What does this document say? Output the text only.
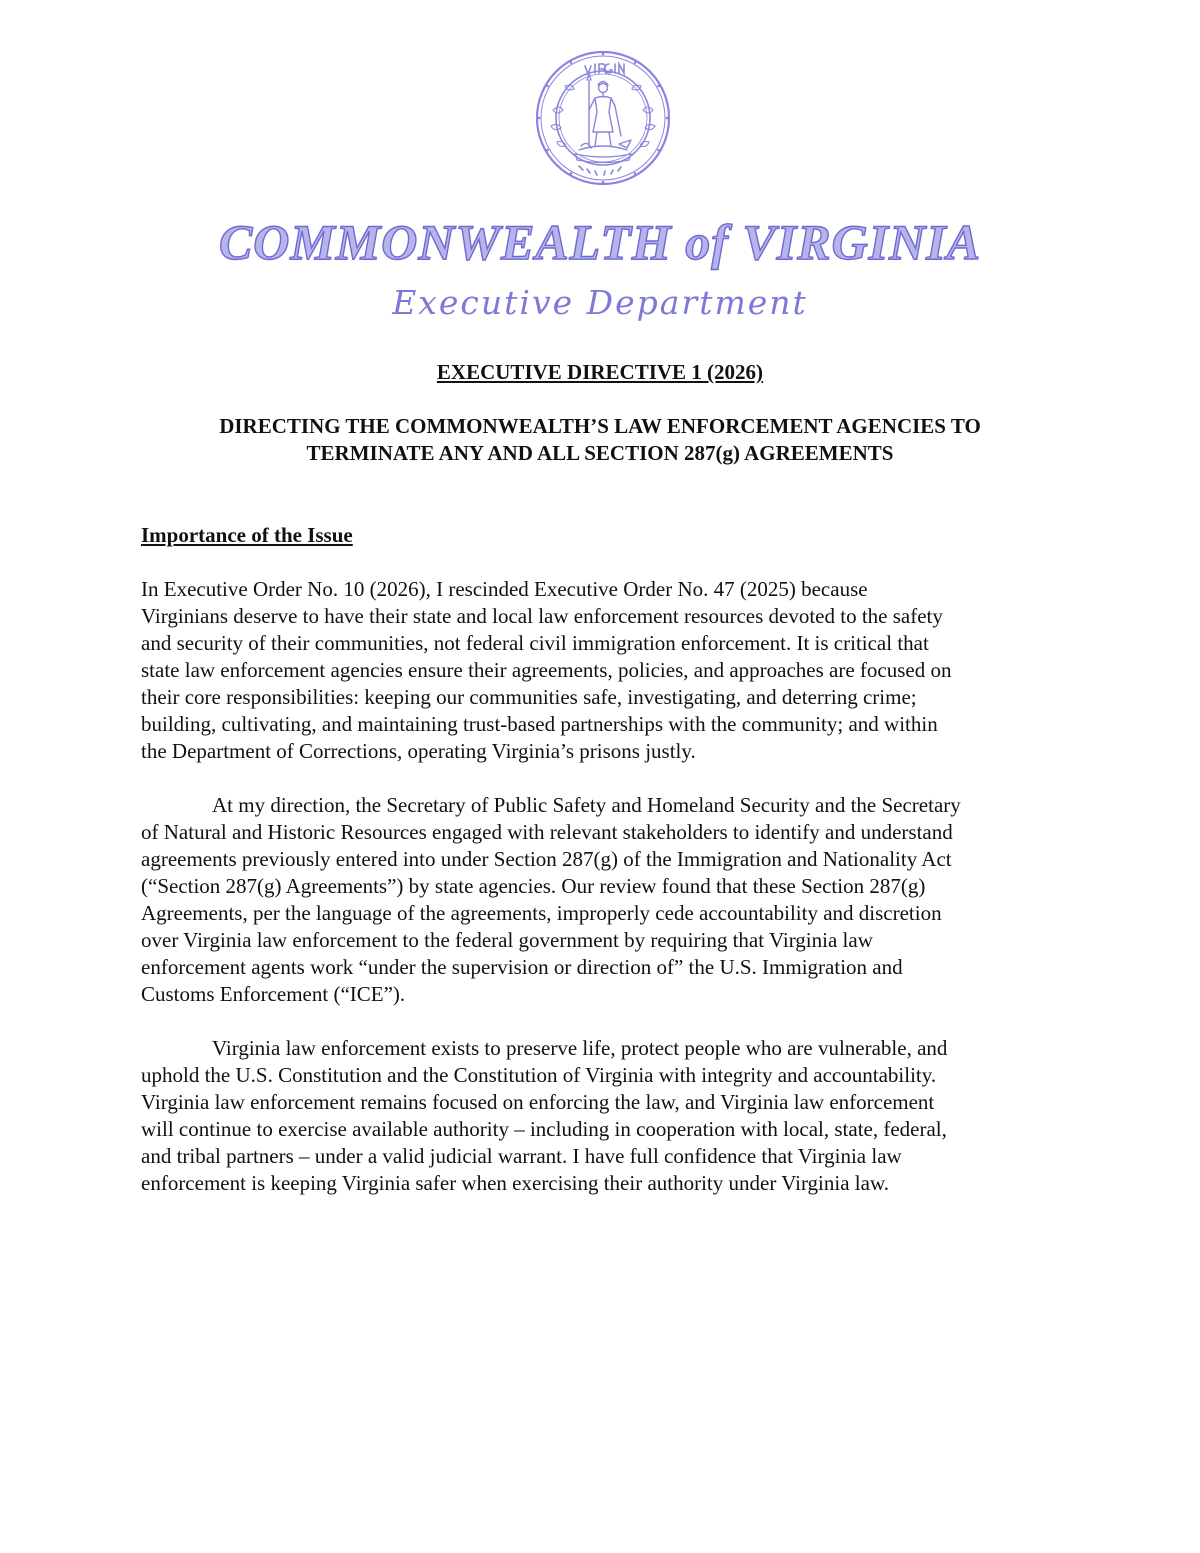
COMMONWEALTH of VIRGINIA
Executive Department
EXECUTIVE DIRECTIVE 1 (2026)
DIRECTING THE COMMONWEALTH’S LAW ENFORCEMENT AGENCIES TO
TERMINATE ANY AND ALL SECTION 287(g) AGREEMENTS
Importance of the Issue
In Executive Order No. 10 (2026), I rescinded Executive Order No. 47 (2025) because
Virginians deserve to have their state and local law enforcement resources devoted to the safety
and security of their communities, not federal civil immigration enforcement. It is critical that
state law enforcement agencies ensure their agreements, policies, and approaches are focused on
their core responsibilities: keeping our communities safe, investigating, and deterring crime;
building, cultivating, and maintaining trust-based partnerships with the community; and within
the Department of Corrections, operating Virginia’s prisons justly.
At my direction, the Secretary of Public Safety and Homeland Security and the Secretary
of Natural and Historic Resources engaged with relevant stakeholders to identify and understand
agreements previously entered into under Section 287(g) of the Immigration and Nationality Act
(“Section 287(g) Agreements”) by state agencies. Our review found that these Section 287(g)
Agreements, per the language of the agreements, improperly cede accountability and discretion
over Virginia law enforcement to the federal government by requiring that Virginia law
enforcement agents work “under the supervision or direction of” the U.S. Immigration and
Customs Enforcement (“ICE”).
Virginia law enforcement exists to preserve life, protect people who are vulnerable, and
uphold the U.S. Constitution and the Constitution of Virginia with integrity and accountability.
Virginia law enforcement remains focused on enforcing the law, and Virginia law enforcement
will continue to exercise available authority – including in cooperation with local, state, federal,
and tribal partners – under a valid judicial warrant. I have full confidence that Virginia law
enforcement is keeping Virginia safer when exercising their authority under Virginia law.
